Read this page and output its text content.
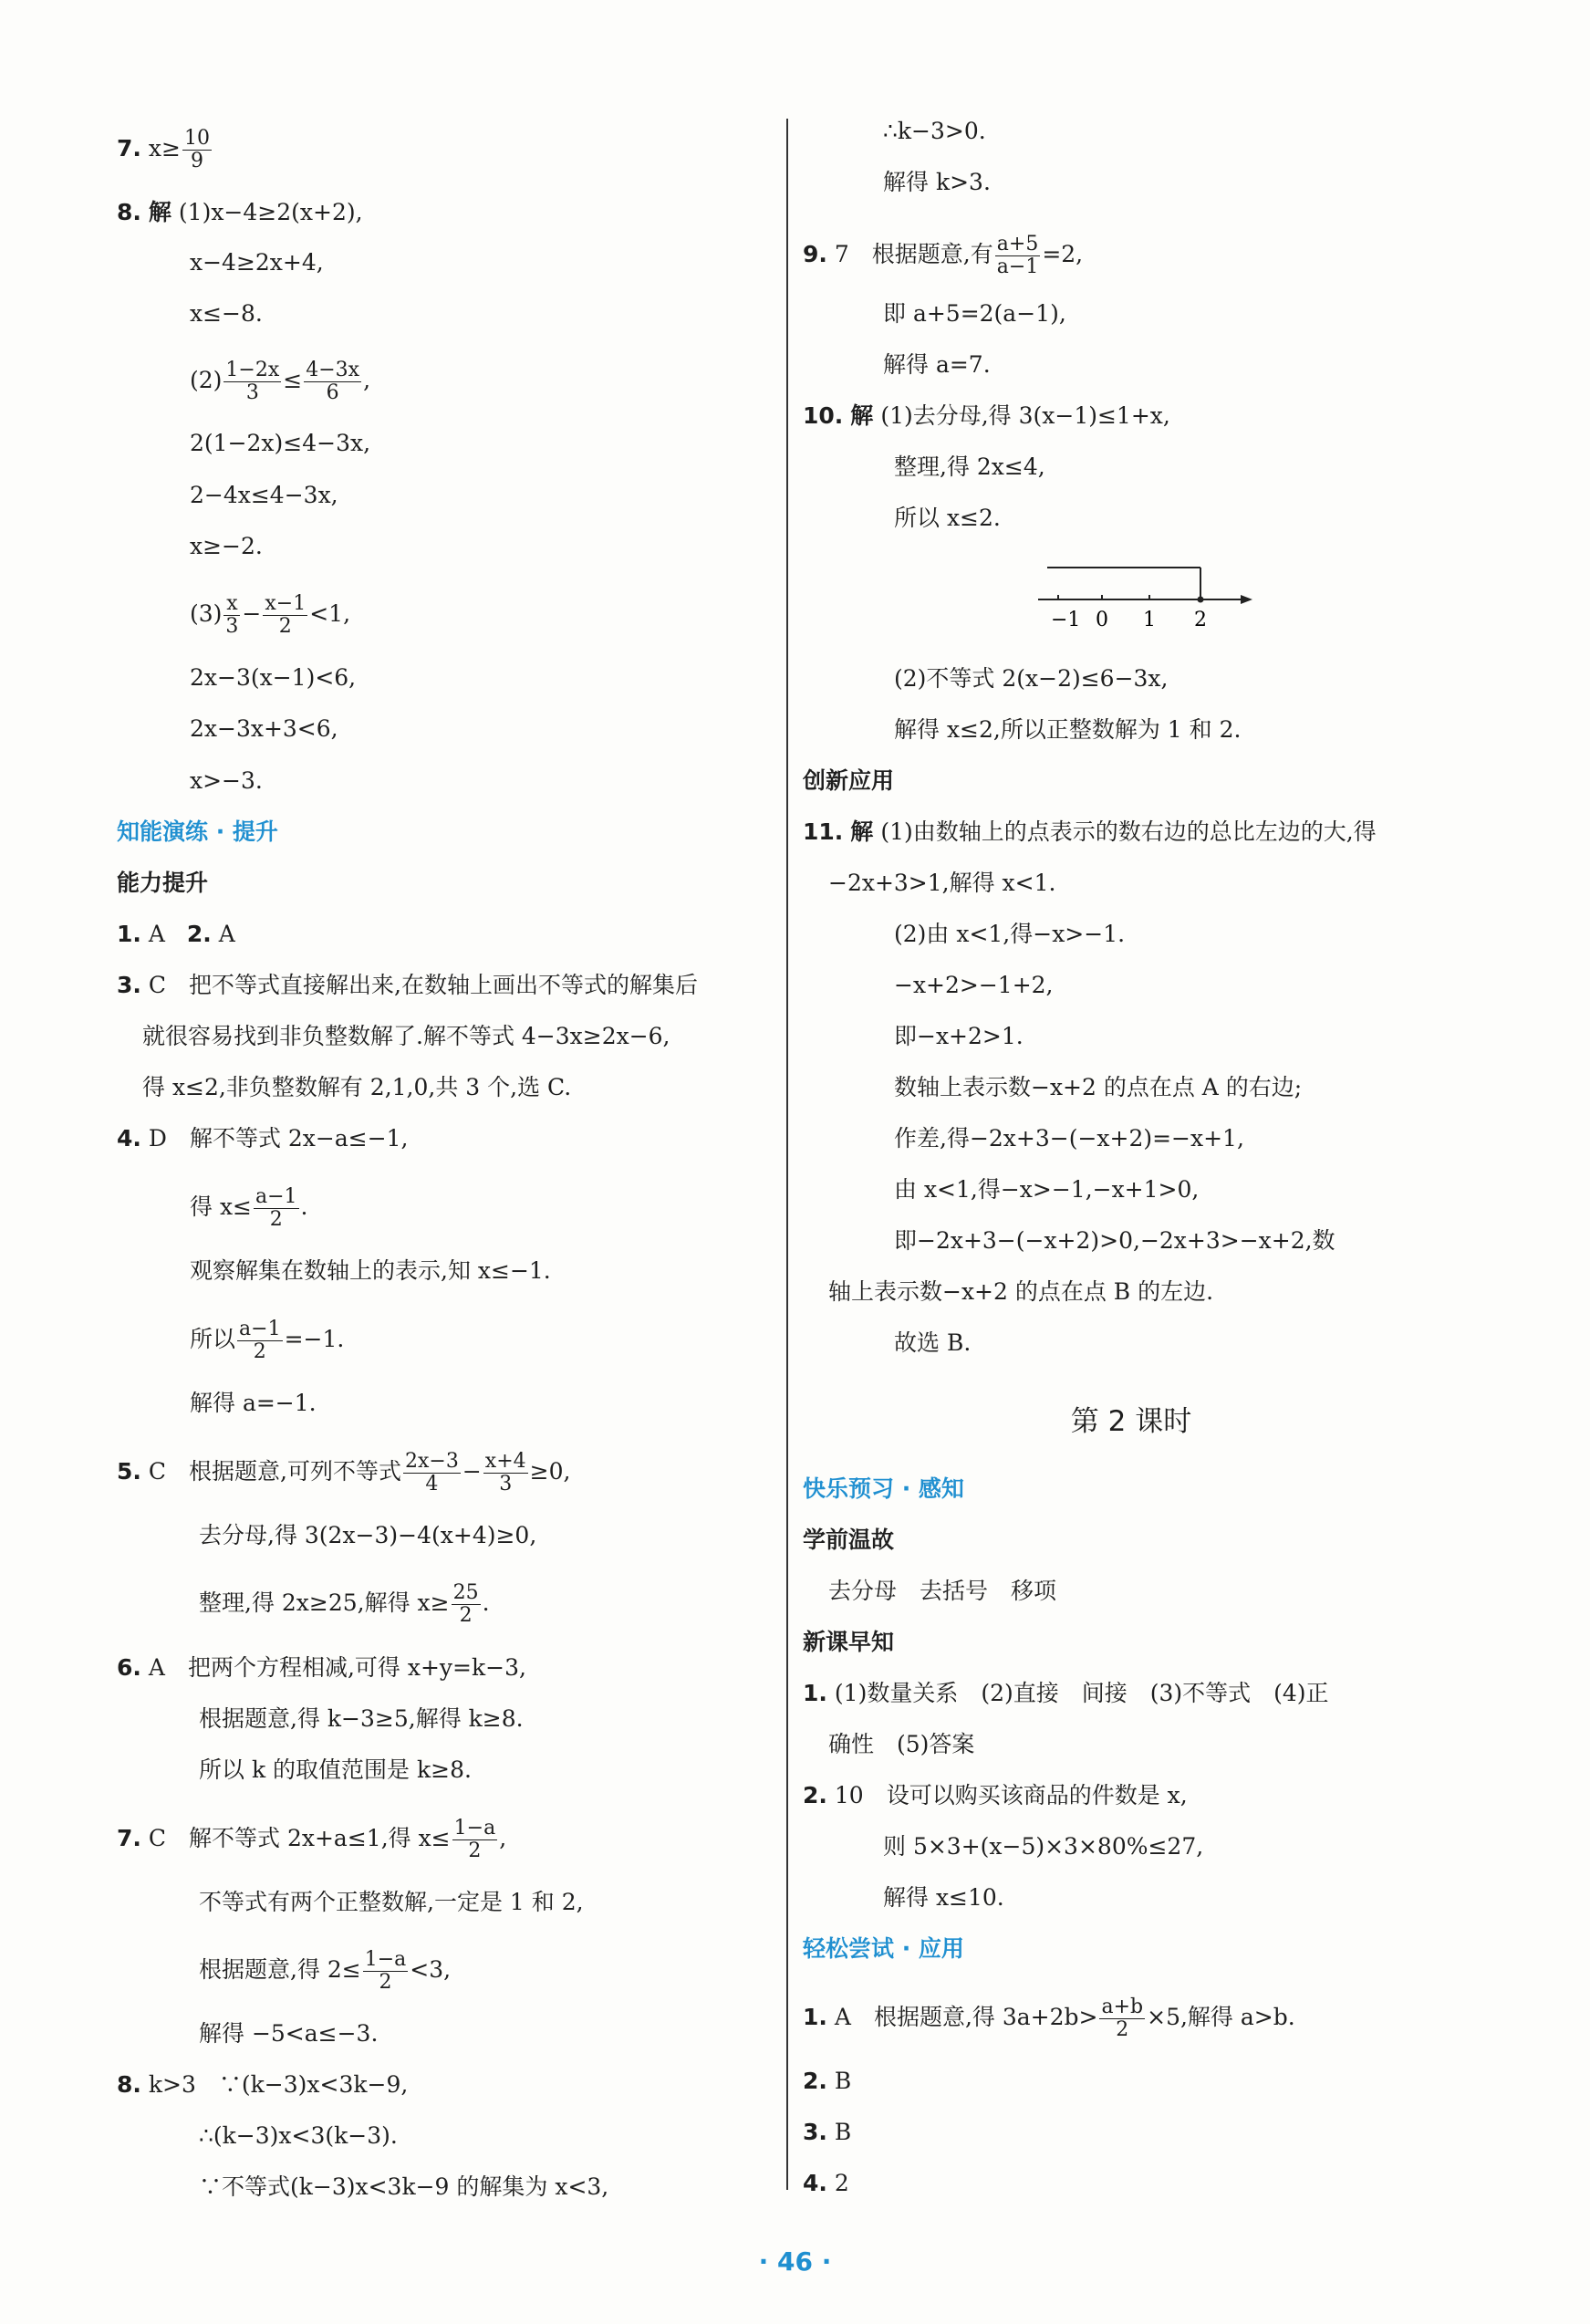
7. $x\ge \frac{10}{9}$
8. 解 (1)x−4≥2(x+2),
x−4≥2x+4,
x≤−8.
$(2) \frac{1-2x}{3} \le \frac{4-3x}{6}$ ,
2(1−2x)≤4−3x,
2−4x≤4−3x,
x≥−2.
$(3) \frac{x}{3} - \frac{x-1}{2} <1$,
2x−3(x−1)<6,
2x−3x+3<6,
x>−3.
知能演练 · 提升
能力提升
1. A 2. A
3. C　把不等式直接解出来,在数轴上画出不等式的解集后
就很容易找到非负整数解了.解不等式 4−3x≥2x−6,
得 x≤2,非负整数解有 2,1,0,共 3 个,选 C.
4. D　解不等式 2x−a≤−1,
得 $x\le \frac{a-1}{2}$ .
观察解集在数轴上的表示,知 x≤−1.
所以 $\frac{a-1}{2} =-1$.
解得 a=−1.
5. C　根据题意,可列不等式 $\frac{2x-3}{4} - \frac{x+4}{3} \ge 0$,
去分母,得 3(2x−3)−4(x+4)≥0,
整理,得 2x≥25,解得 $x\ge \frac{25}{2}$ .
6. A　把两个方程相减,可得 x+y=k−3,
根据题意,得 k−3≥5,解得 k≥8.
所以 k 的取值范围是 k≥8.
7. C　解不等式 2x+a≤1,得 $x\le \frac{1-a}{2}$ ,
不等式有两个正整数解,一定是 1 和 2,
根据题意,得 $2\le \frac{1-a}{2} <3$,
解得 −5<a≤−3.
8. k>3　∵(k−3)x<3k−9,
∴(k−3)x<3(k−3).
∵不等式(k−3)x<3k−9 的解集为 x<3,
∴k−3>0.
解得 k>3.
9. 7　根据题意,有 $\frac{a+5}{a-1} =2$,
即 a+5=2(a−1),
解得 a=7.
10. 解 (1)去分母,得 3(x−1)≤1+x,
整理,得 2x≤4,
所以 x≤2.
−1 0 1 2
(2)不等式 2(x−2)≤6−3x,
解得 x≤2,所以正整数解为 1 和 2.
创新应用
11. 解 (1)由数轴上的点表示的数右边的总比左边的大,得
−2x+3>1,解得 x<1.
(2)由 x<1,得−x>−1.
−x+2>−1+2,
即−x+2>1.
数轴上表示数−x+2 的点在点 A 的右边;
作差,得−2x+3−(−x+2)=−x+1,
由 x<1,得−x>−1,−x+1>0,
即−2x+3−(−x+2)>0,−2x+3>−x+2,数
轴上表示数−x+2 的点在点 B 的左边.
故选 B.
第 2 课时
快乐预习 · 感知
学前温故
去分母　去括号　移项
新课早知
1. (1)数量关系　(2)直接　间接　(3)不等式　(4)正
确性　(5)答案
2. 10　设可以购买该商品的件数是 x,
则 5×3+(x−5)×3×80%≤27,
解得 x≤10.
轻松尝试 · 应用
1. A　根据题意,得 $3a+2b> \frac{a+b}{2} \times 5$,解得 a>b.
2. B
3. B
4. 2
· 46 ·
